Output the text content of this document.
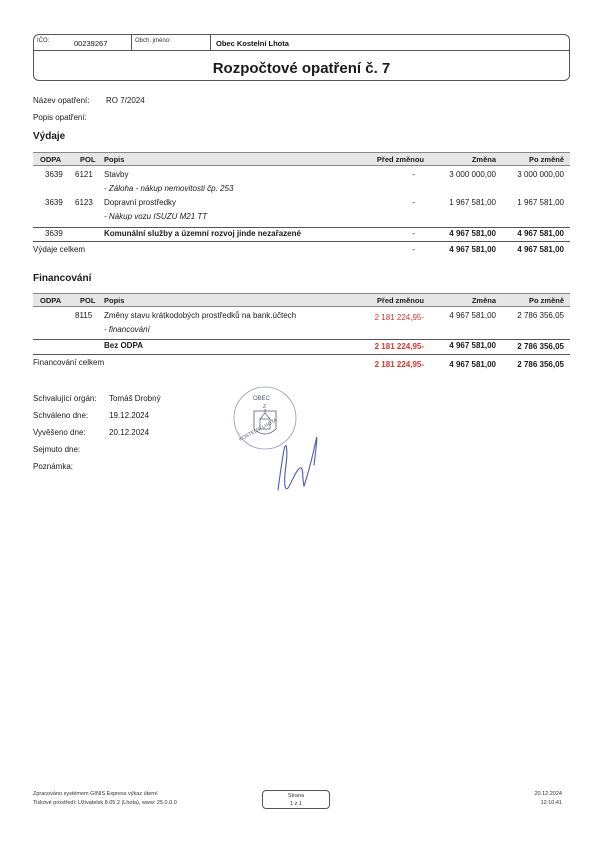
IČO:	00239267	Obch. jméno:	Obec Kostelní Lhota
Rozpočtové opatření č. 7
Název opatření: RO 7/2024
Popis opatření:
Výdaje
ODPA	POL Popis	Před změnou	Změna	Po změně
3639 6121 Stavby
- Záloha - nákup nemovitosti čp. 253
-	3 000 000,00	3 000 000,00
3639 6123 Dopravní prostředky
- Nákup vozu ISUZU M21 TT
-	1 967 581,00	1 967 581,00
3639	Komunální služby a územní rozvoj jinde nezařazené	-	4 967 581,00	4 967 581,00
Výdaje celkem	-	4 967 581,00	4 967 581,00
Financování
ODPA	POL Popis	Před změnou	Změna	Po změně
8115 Změny stavu krátkodobých prostředků na bank.účtech
- financování
2 181 224,95-	4 967 581,00	2 786 356,05
Bez ODPA	2 181 224,95-	4 967 581,00	2 786 356,05
Financování celkem	2 181 224,95-	4 967 581,00	2 786 356,05
Schvalující orgán: Tomáš Drobný
Schváleno dne:	19.12.2024
Vyvěšeno dne:	20.12.2024
Sejmuto dne:
Poznámka:
OBEC
Z
KOSTELNÍ LHOTA
Zpracováno systémem GINIS Express výkaz úterní
Tiskové prostředí: Uživatelsk 8.05.2 (Lhota), www: 25.0.0.0
Strana
1 z 1
20.12.2024
12:10:41
